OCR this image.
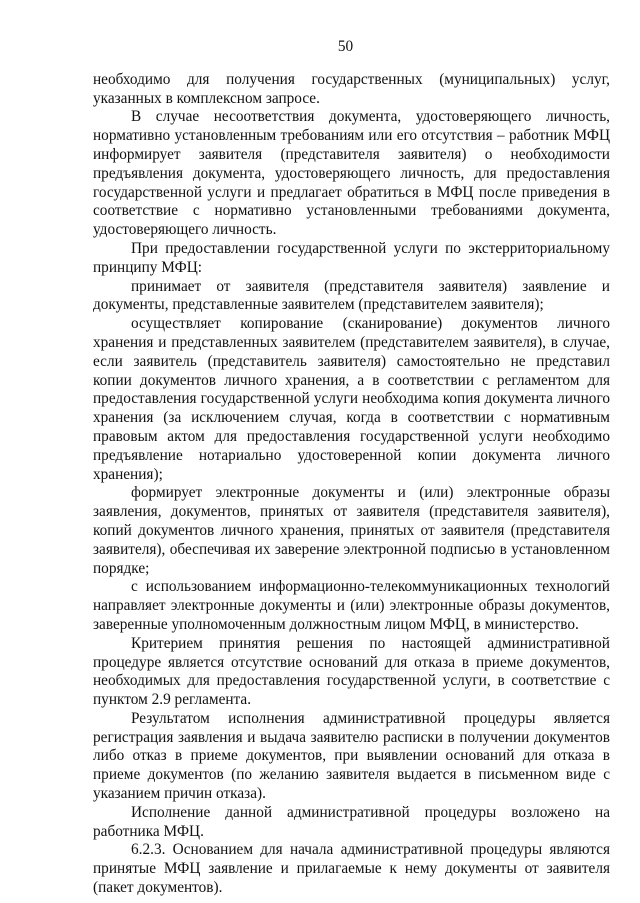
50

необходимо для получения государственных (муниципальных) услуг, указанных в комплексном запросе.

В случае несоответствия документа, удостоверяющего личность, нормативно установленным требованиям или его отсутствия – работник МФЦ информирует заявителя (представителя заявителя) о необходимости предъявления документа, удостоверяющего личность, для предоставления государственной услуги и предлагает обратиться в МФЦ после приведения в соответствие с нормативно установленными требованиями документа, удостоверяющего личность.

При предоставлении государственной услуги по экстерриториальному принципу МФЦ:

принимает от заявителя (представителя заявителя) заявление и документы, представленные заявителем (представителем заявителя);

осуществляет копирование (сканирование) документов личного хранения и представленных заявителем (представителем заявителя), в случае, если заявитель (представитель заявителя) самостоятельно не представил копии документов личного хранения, а в соответствии с регламентом для предоставления государственной услуги необходима копия документа личного хранения (за исключением случая, когда в соответствии с нормативным правовым актом для предоставления государственной услуги необходимо предъявление нотариально удостоверенной копии документа личного хранения);

формирует электронные документы и (или) электронные образы заявления, документов, принятых от заявителя (представителя заявителя), копий документов личного хранения, принятых от заявителя (представителя заявителя), обеспечивая их заверение электронной подписью в установленном порядке;

с использованием информационно-телекоммуникационных технологий направляет электронные документы и (или) электронные образы документов, заверенные уполномоченным должностным лицом МФЦ, в министерство.

Критерием принятия решения по настоящей административной процедуре является отсутствие оснований для отказа в приеме документов, необходимых для предоставления государственной услуги, в соответствие с пунктом 2.9 регламента.

Результатом исполнения административной процедуры является регистрация заявления и выдача заявителю расписки в получении документов либо отказ в приеме документов, при выявлении оснований для отказа в приеме документов (по желанию заявителя выдается в письменном виде с указанием причин отказа).

Исполнение данной административной процедуры возложено на работника МФЦ.

6.2.3. Основанием для начала административной процедуры являются принятые МФЦ заявление и прилагаемые к нему документы от заявителя (пакет документов).
